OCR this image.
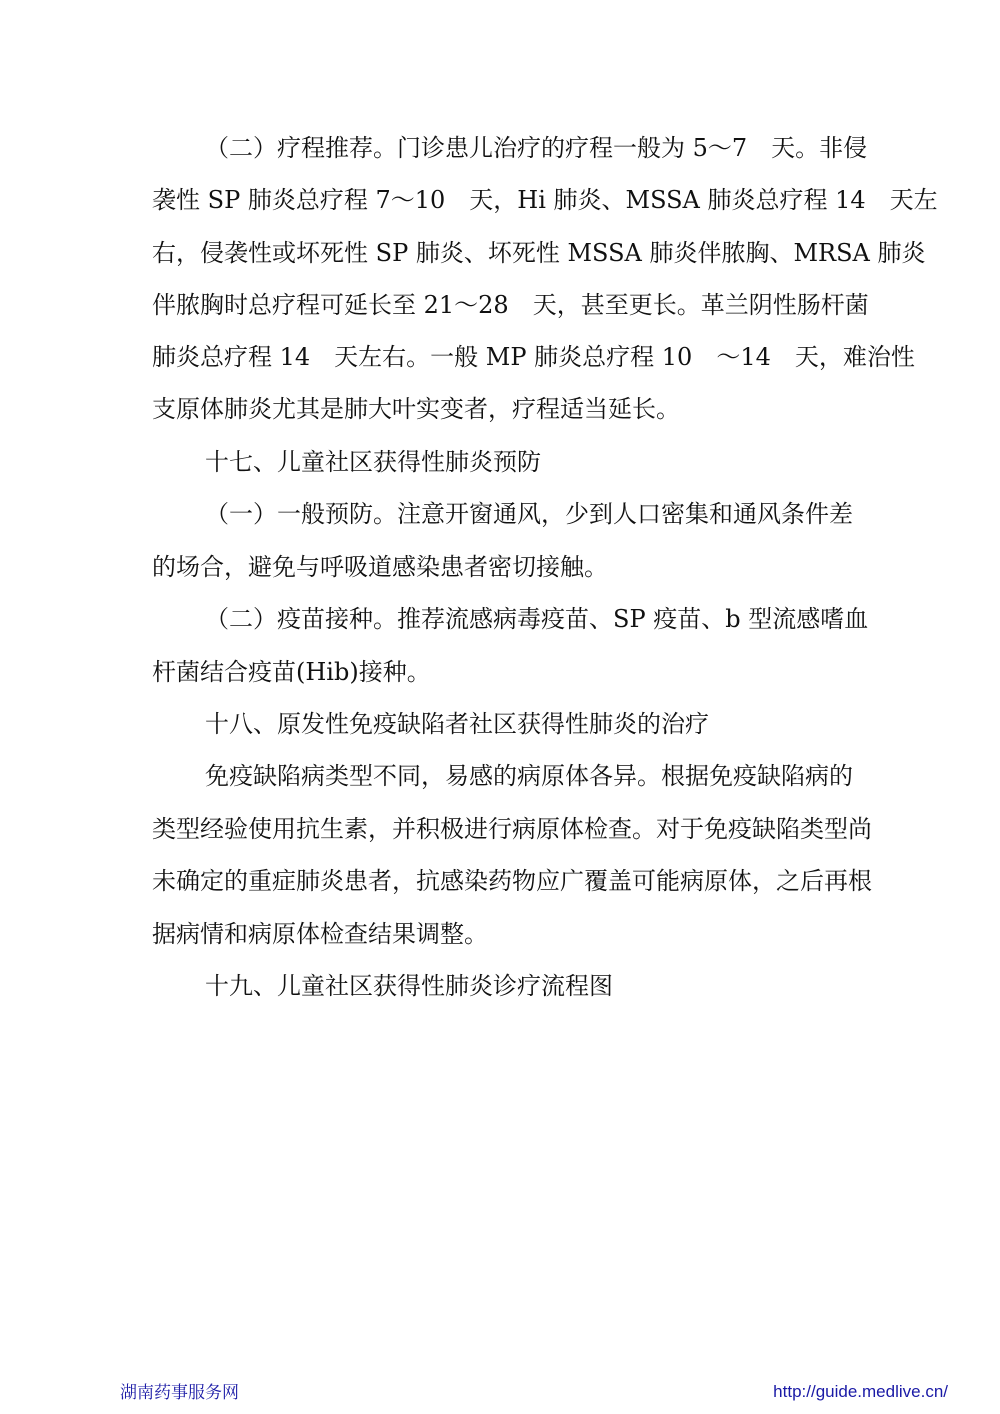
（二）疗程推荐。门诊患儿治疗的疗程一般为 5～7　天。非侵
袭性 SP 肺炎总疗程 7～10　天，Hi 肺炎、MSSA 肺炎总疗程 14　天左
右，侵袭性或坏死性 SP 肺炎、坏死性 MSSA 肺炎伴脓胸、MRSA 肺炎
伴脓胸时总疗程可延长至 21～28　天，甚至更长。革兰阴性肠杆菌
肺炎总疗程 14　天左右。一般 MP 肺炎总疗程 10　～14　天，难治性
支原体肺炎尤其是肺大叶实变者，疗程适当延长。
十七、儿童社区获得性肺炎预防
（一）一般预防。注意开窗通风，少到人口密集和通风条件差
的场合，避免与呼吸道感染患者密切接触。
（二）疫苗接种。推荐流感病毒疫苗、SP 疫苗、b 型流感嗜血
杆菌结合疫苗(Hib)接种。
十八、原发性免疫缺陷者社区获得性肺炎的治疗
免疫缺陷病类型不同，易感的病原体各异。根据免疫缺陷病的
类型经验使用抗生素，并积极进行病原体检查。对于免疫缺陷类型尚
未确定的重症肺炎患者，抗感染药物应广覆盖可能病原体，之后再根
据病情和病原体检查结果调整。
十九、儿童社区获得性肺炎诊疗流程图
湖南药事服务网	http://guide.medlive.cn/
